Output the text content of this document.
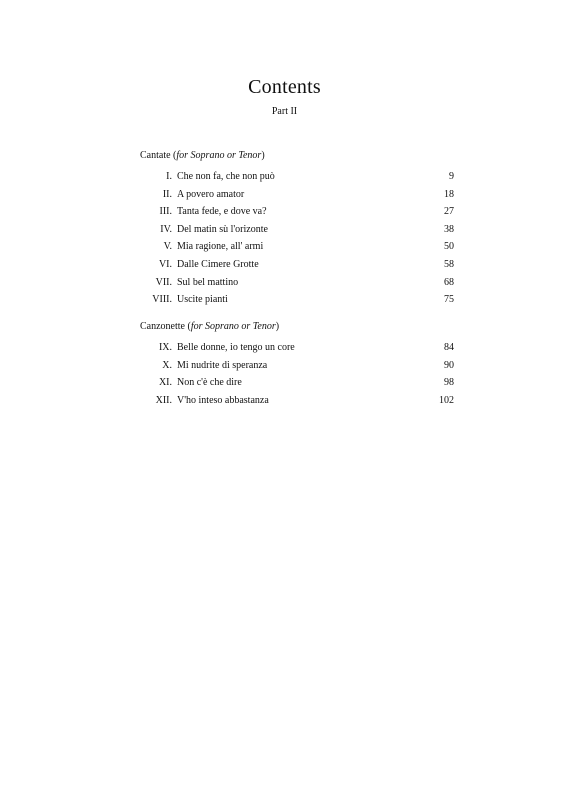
Contents
Part II
Cantate (for Soprano or Tenor)
I. Che non fa, che non può	9
II. A povero amator	18
III. Tanta fede, e dove va?	27
IV. Del matin sù l'orizonte	38
V. Mia ragione, all' armi	50
VI. Dalle Cimere Grotte	58
VII. Sul bel mattino	68
VIII. Uscite pianti	75
Canzonette (for Soprano or Tenor)
IX. Belle donne, io tengo un core	84
X. Mi nudrite di speranza	90
XI. Non c'è che dire	98
XII. V'ho inteso abbastanza	102
